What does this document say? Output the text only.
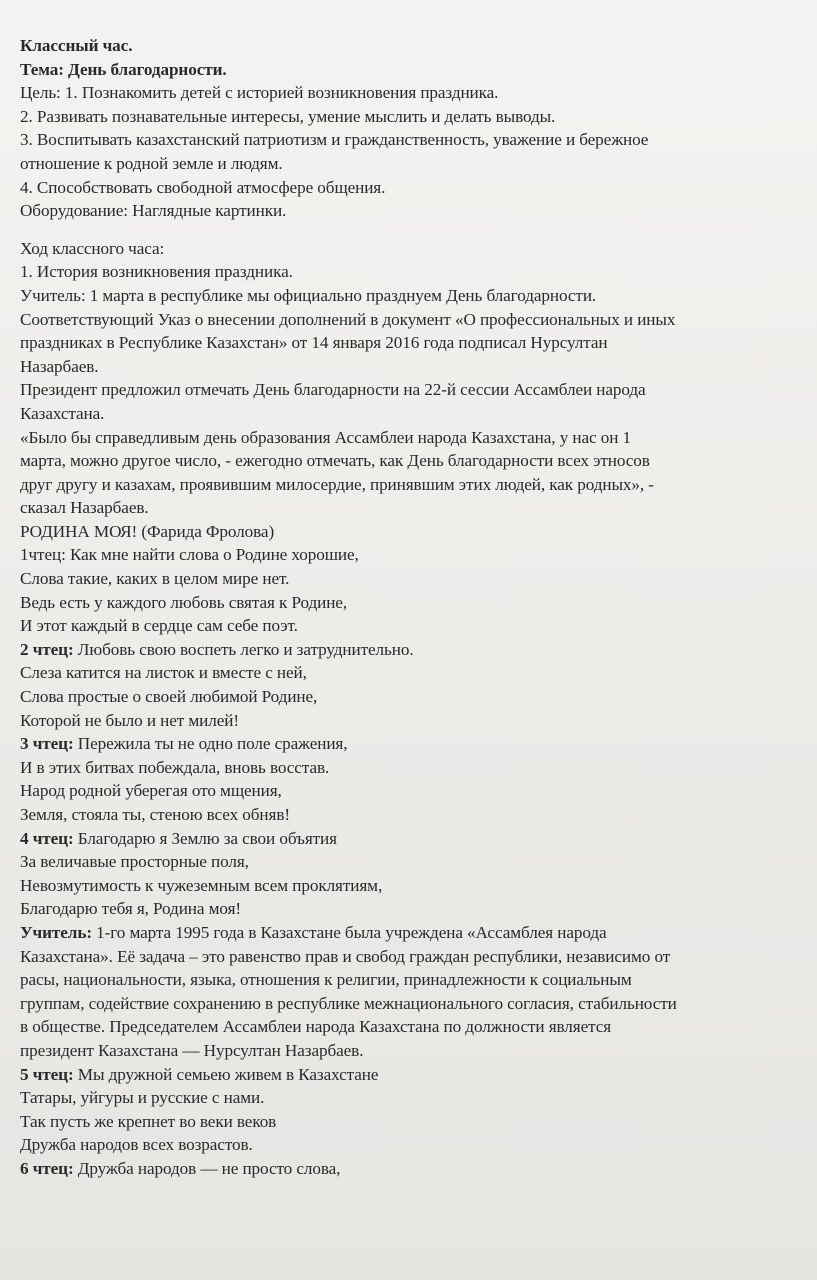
Классный час.
Тема: День благодарности.
Цель: 1. Познакомить детей с историей возникновения праздника.
2. Развивать познавательные интересы, умение мыслить и делать выводы.
3. Воспитывать казахстанский патриотизм и гражданственность, уважение и бережное
отношение к родной земле и людям.
4. Способствовать свободной атмосфере общения.
Оборудование: Наглядные картинки.
Ход классного часа:
1. История возникновения праздника.
Учитель: 1 марта в республике мы официально празднуем День благодарности.
Соответствующий Указ о внесении дополнений в документ «О профессиональных и иных
праздниках в Республике Казахстан» от 14 января 2016 года подписал Нурсултан
Назарбаев.
Президент предложил отмечать День благодарности на 22-й сессии Ассамблеи народа
Казахстана.
«Было бы справедливым день образования Ассамблеи народа Казахстана, у нас он 1
марта, можно другое число, - ежегодно отмечать, как День благодарности всех этносов
друг другу и казахам, проявившим милосердие, принявшим этих людей, как родных», -
сказал Назарбаев.
РОДИНА МОЯ! (Фарида Фролова)
1чтец: Как мне найти слова о Родине хорошие,
Слова такие, каких в целом мире нет.
Ведь есть у каждого любовь святая к Родине,
И этот каждый в сердце сам себе поэт.
2 чтец: Любовь свою воспеть легко и затруднительно.
Слеза катится на листок и вместе с ней,
Слова простые о своей любимой Родине,
Которой не было и нет милей!
3 чтец: Пережила ты не одно поле сражения,
И в этих битвах побеждала, вновь восстав.
Народ родной уберегая ото мщения,
Земля, стояла ты, стеною всех обняв!
4 чтец: Благодарю я Землю за свои объятия
За величавые просторные поля,
Невозмутимость к чужеземным всем проклятиям,
Благодарю тебя я, Родина моя!
Учитель: 1-го марта 1995 года в Казахстане была учреждена «Ассамблея народа
Казахстана». Её задача – это равенство прав и свобод граждан республики, независимо от
расы, национальности, языка, отношения к религии, принадлежности к социальным
группам, содействие сохранению в республике межнационального согласия, стабильности
в обществе. Председателем Ассамблеи народа Казахстана по должности является
президент Казахстана — Нурсултан Назарбаев.
5 чтец: Мы дружной семьею живем в Казахстане
Татары, уйгуры и русские с нами.
Так пусть же крепнет во веки веков
Дружба народов всех возрастов.
6 чтец: Дружба народов — не просто слова,
